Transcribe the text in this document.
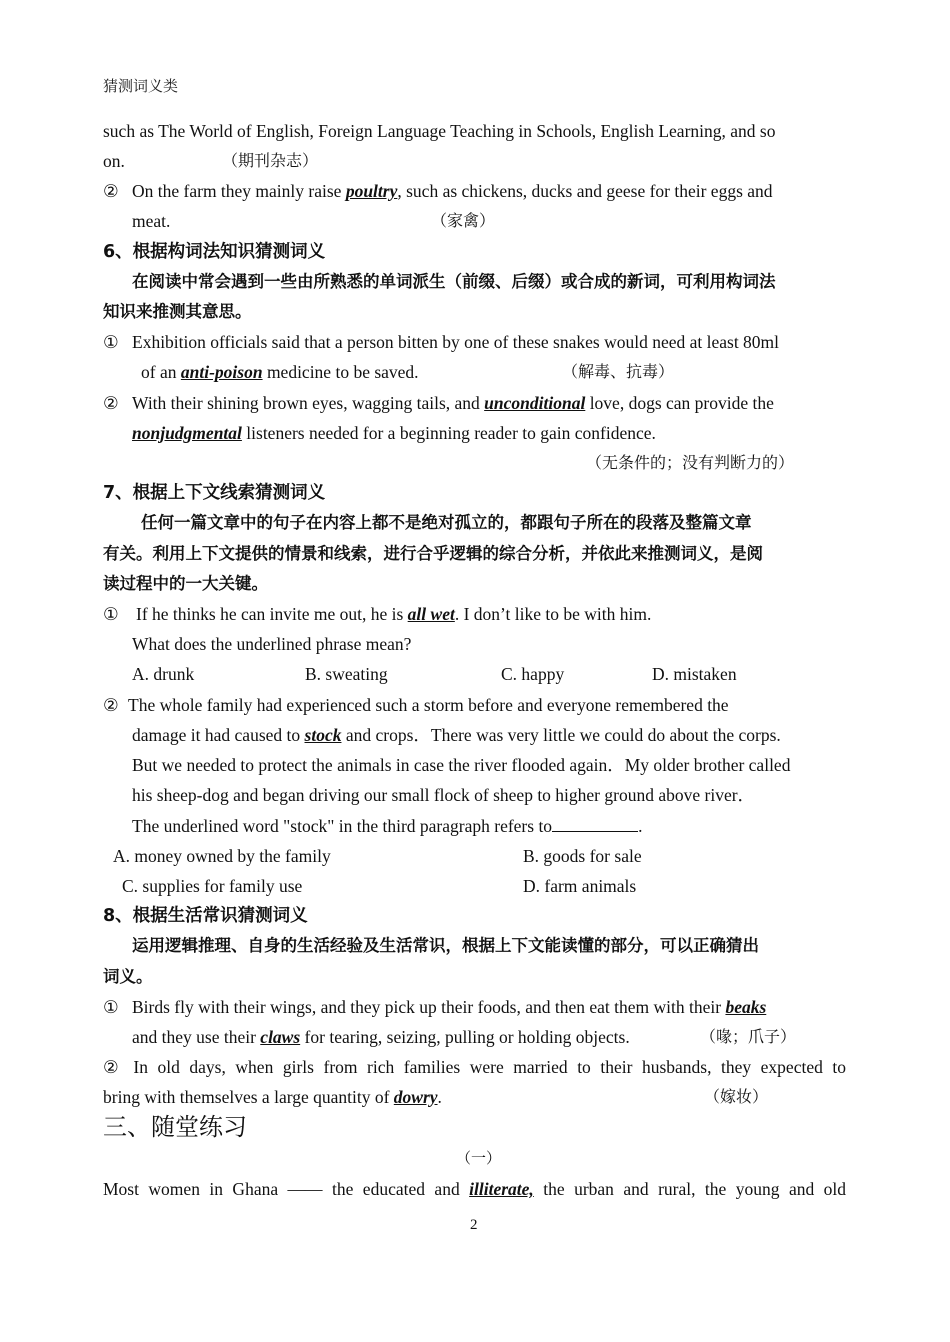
猜测词义类
such as The World of English, Foreign Language Teaching in Schools, English Learning, and so
on.	（期刊杂志）
② On the farm they mainly raise poultry, such as chickens, ducks and geese for their eggs and
meat.	（家禽）
6、根据构词法知识猜测词义
在阅读中常会遇到一些由所熟悉的单词派生（前缀、后缀）或合成的新词，可利用构词法
知识来推测其意思。
① Exhibition officials said that a person bitten by one of these snakes would need at least 80ml
of an anti-poison medicine to be saved.	（解毒、抗毒）
② With their shining brown eyes, wagging tails, and unconditional love, dogs can provide the
nonjudgmental listeners needed for a beginning reader to gain confidence.
（无条件的；没有判断力的）
7、根据上下文线索猜测词义
任何一篇文章中的句子在内容上都不是绝对孤立的，都跟句子所在的段落及整篇文章
有关。利用上下文提供的情景和线索，进行合乎逻辑的综合分析，并依此来推测词义，是阅
读过程中的一大关键。
① If he thinks he can invite me out, he is all wet. I don’t like to be with him.
What does the underlined phrase mean?
A. drunk	B. sweating	C. happy	D. mistaken
② The whole family had experienced such a storm before and everyone remembered the
damage it had caused to stock and crops．There was very little we could do about the corps.
But we needed to protect the animals in case the river flooded again．My older brother called
his sheep-dog and began driving our small flock of sheep to higher ground above river．
The underlined word "stock" in the third paragraph refers to	.
A. money owned by the family	B. goods for sale
C. supplies for family use	D. farm animals
8、根据生活常识猜测词义
运用逻辑推理、自身的生活经验及生活常识，根据上下文能读懂的部分，可以正确猜出
词义。
① Birds fly with their wings, and they pick up their foods, and then eat them with their beaks
and they use their claws for tearing, seizing, pulling or holding objects.	（喙；爪子）
② In old days, when girls from rich families were married to their husbands, they expected to
bring with themselves a large quantity of dowry.	（嫁妆）
三、随堂练习
（一）
Most women in Ghana —— the educated and illiterate, the urban and rural, the young and old
2
